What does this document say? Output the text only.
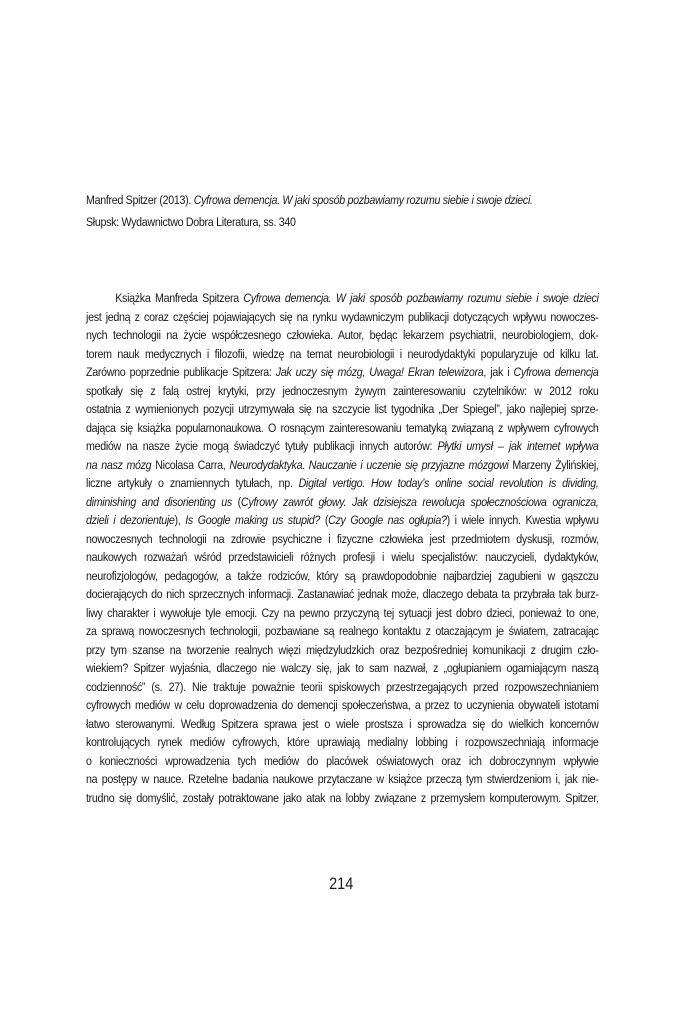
Manfred Spitzer (2013). Cyfrowa demencja. W jaki sposób pozbawiamy rozumu siebie i swoje dzieci.
Słupsk: Wydawnictwo Dobra Literatura, ss. 340
Książka Manfreda Spitzera Cyfrowa demencja. W jaki sposób pozbawiamy rozumu siebie i swoje dzieci
jest jedną z coraz częściej pojawiających się na rynku wydawniczym publikacji dotyczących wpływu nowoczes-
nych technologii na życie współczesnego człowieka. Autor, będąc lekarzem psychiatrii, neurobiologiem, dok-
torem nauk medycznych i filozofii, wiedzę na temat neurobiologii i neurodydaktyki popularyzuje od kilku lat.
Zarówno poprzednie publikacje Spitzera: Jak uczy się mózg, Uwaga! Ekran telewizora, jak i Cyfrowa demencja
spotkały się z falą ostrej krytyki, przy jednoczesnym żywym zainteresowaniu czytelników: w 2012 roku
ostatnia z wymienionych pozycji utrzymywała się na szczycie list tygodnika „Der Spiegel”, jako najlepiej sprze-
dająca się książka popularnonaukowa. O rosnącym zainteresowaniu tematyką związaną z wpływem cyfrowych
mediów na nasze życie mogą świadczyć tytuły publikacji innych autorów: Płytki umysł – jak internet wpływa
na nasz mózg Nicolasa Carra, Neurodydaktyka. Nauczanie i uczenie się przyjazne mózgowi Marzeny Żylińskiej,
liczne artykuły o znamiennych tytułach, np. Digital vertigo. How today’s online social revolution is dividing,
diminishing and disorienting us (Cyfrowy zawrót głowy. Jak dzisiejsza rewolucja społecznościowa ogranicza,
dzieli i dezorientuje), Is Google making us stupid? (Czy Google nas ogłupia?) i wiele innych. Kwestia wpływu
nowoczesnych technologii na zdrowie psychiczne i fizyczne człowieka jest przedmiotem dyskusji, rozmów,
naukowych rozważań wśród przedstawicieli różnych profesji i wielu specjalistów: nauczycieli, dydaktyków,
neurofizjologów, pedagogów, a także rodziców, który są prawdopodobnie najbardziej zagubieni w gąszczu
docierających do nich sprzecznych informacji. Zastanawiać jednak może, dlaczego debata ta przybrała tak burz-
liwy charakter i wywołuje tyle emocji. Czy na pewno przyczyną tej sytuacji jest dobro dzieci, ponieważ to one,
za sprawą nowoczesnych technologii, pozbawiane są realnego kontaktu z otaczającym je światem, zatracając
przy tym szanse na tworzenie realnych więzi międzyludzkich oraz bezpośredniej komunikacji z drugim czło-
wiekiem? Spitzer wyjaśnia, dlaczego nie walczy się, jak to sam nazwał, z „ogłupianiem ogarniającym naszą
codzienność” (s. 27). Nie traktuje poważnie teorii spiskowych przestrzegających przed rozpowszechnianiem
cyfrowych mediów w celu doprowadzenia do demencji społeczeństwa, a przez to uczynienia obywateli istotami
łatwo sterowanymi. Według Spitzera sprawa jest o wiele prostsza i sprowadza się do wielkich koncernów
kontrolujących rynek mediów cyfrowych, które uprawiają medialny lobbing i rozpowszechniają informacje
o konieczności wprowadzenia tych mediów do placówek oświatowych oraz ich dobroczynnym wpływie
na postępy w nauce. Rzetelne badania naukowe przytaczane w książce przeczą tym stwierdzeniom i, jak nie-
trudno się domyślić, zostały potraktowane jako atak na lobby związane z przemysłem komputerowym. Spitzer,
214
